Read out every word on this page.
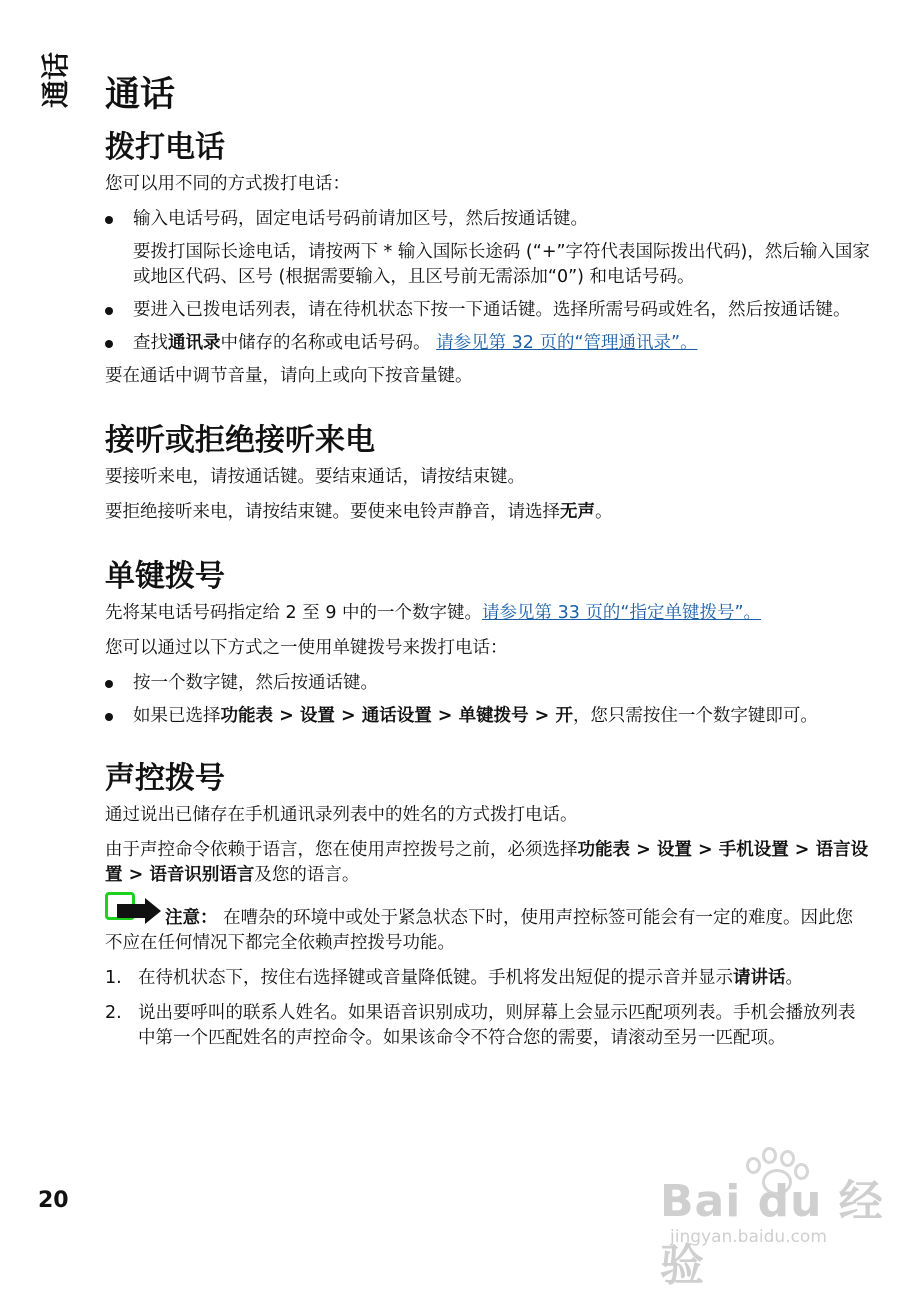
通话 通话
拨打电话

您可以用不同的方式拨打电话：

输入电话号码，固定电话号码前请加区号，然后按通话键。
要拨打国际长途电话，请按两下 * 输入国际长途码 (“+”字符代表国际拨出代码)，然后输入国家或地区代码、区号 (根据需要输入，且区号前无需添加“0”) 和电话号码。
要进入已拨电话列表，请在待机状态下按一下通话键。选择所需号码或姓名，然后按通话键。
查找通讯录中储存的名称或电话号码。 请参见第 32 页的“管理通讯录”。

要在通话中调节音量，请向上或向下按音量键。

接听或拒绝接听来电

要接听来电，请按通话键。要结束通话，请按结束键。

要拒绝接听来电，请按结束键。要使来电铃声静音，请选择无声。

单键拨号

先将某电话号码指定给 2 至 9 中的一个数字键。请参见第 33 页的“指定单键拨号”。

您可以通过以下方式之一使用单键拨号来拨打电话：

按一个数字键，然后按通话键。
如果已选择功能表 > 设置 > 通话设置 > 单键拨号 > 开，您只需按住一个数字键即可。
声控拨号

通过说出已储存在手机通讯录列表中的姓名的方式拨打电话。

由于声控命令依赖于语言，您在使用声控拨号之前，必须选择功能表 > 设置 > 手机设置 > 语言设置 > 语音识别语言及您的语言。

注意： 在嘈杂的环境中或处于紧急状态下时，使用声控标签可能会有一定的难度。因此您不应在任何情况下都完全依赖声控拨号功能。
1. 在待机状态下，按住右选择键或音量降低键。手机将发出短促的提示音并显示请讲话。
2. 说出要呼叫的联系人姓名。如果语音识别成功，则屏幕上会显示匹配项列表。手机会播放列表中第一个匹配姓名的声控命令。如果该命令不符合您的需要，请滚动至另一匹配项。
20	Bai du 经验
jingyan.baidu.com
